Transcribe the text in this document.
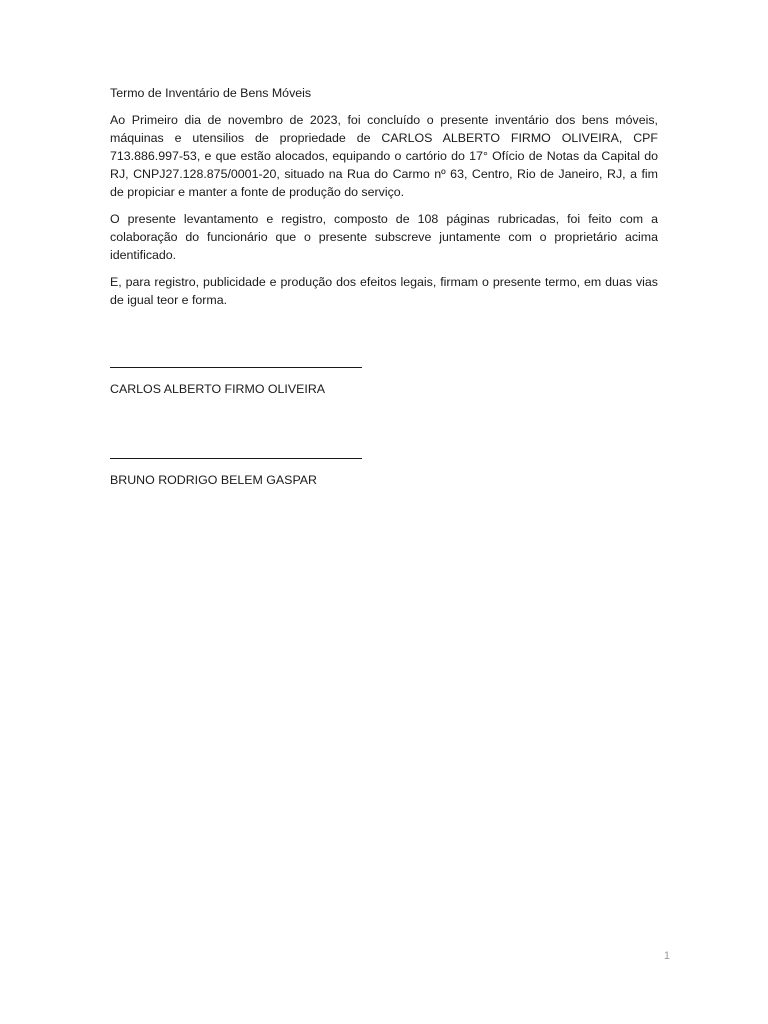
Termo de Inventário de Bens Móveis

Ao Primeiro dia de novembro de 2023, foi concluído o presente inventário dos bens móveis, máquinas e utensilios de propriedade de CARLOS ALBERTO FIRMO OLIVEIRA, CPF 713.886.997-53, e que estão alocados, equipando o cartório do 17° Ofício de Notas da Capital do RJ, CNPJ27.128.875/0001-20, situado na Rua do Carmo nº 63, Centro, Rio de Janeiro, RJ, a fim de propiciar e manter a fonte de produção do serviço.

O presente levantamento e registro, composto de 108 páginas rubricadas, foi feito com a colaboração do funcionário que o presente subscreve juntamente com o proprietário acima identificado.

E, para registro, publicidade e produção dos efeitos legais, firmam o presente termo, em duas vias de igual teor e forma.

CARLOS ALBERTO FIRMO OLIVEIRA
BRUNO RODRIGO BELEM GASPAR
1
